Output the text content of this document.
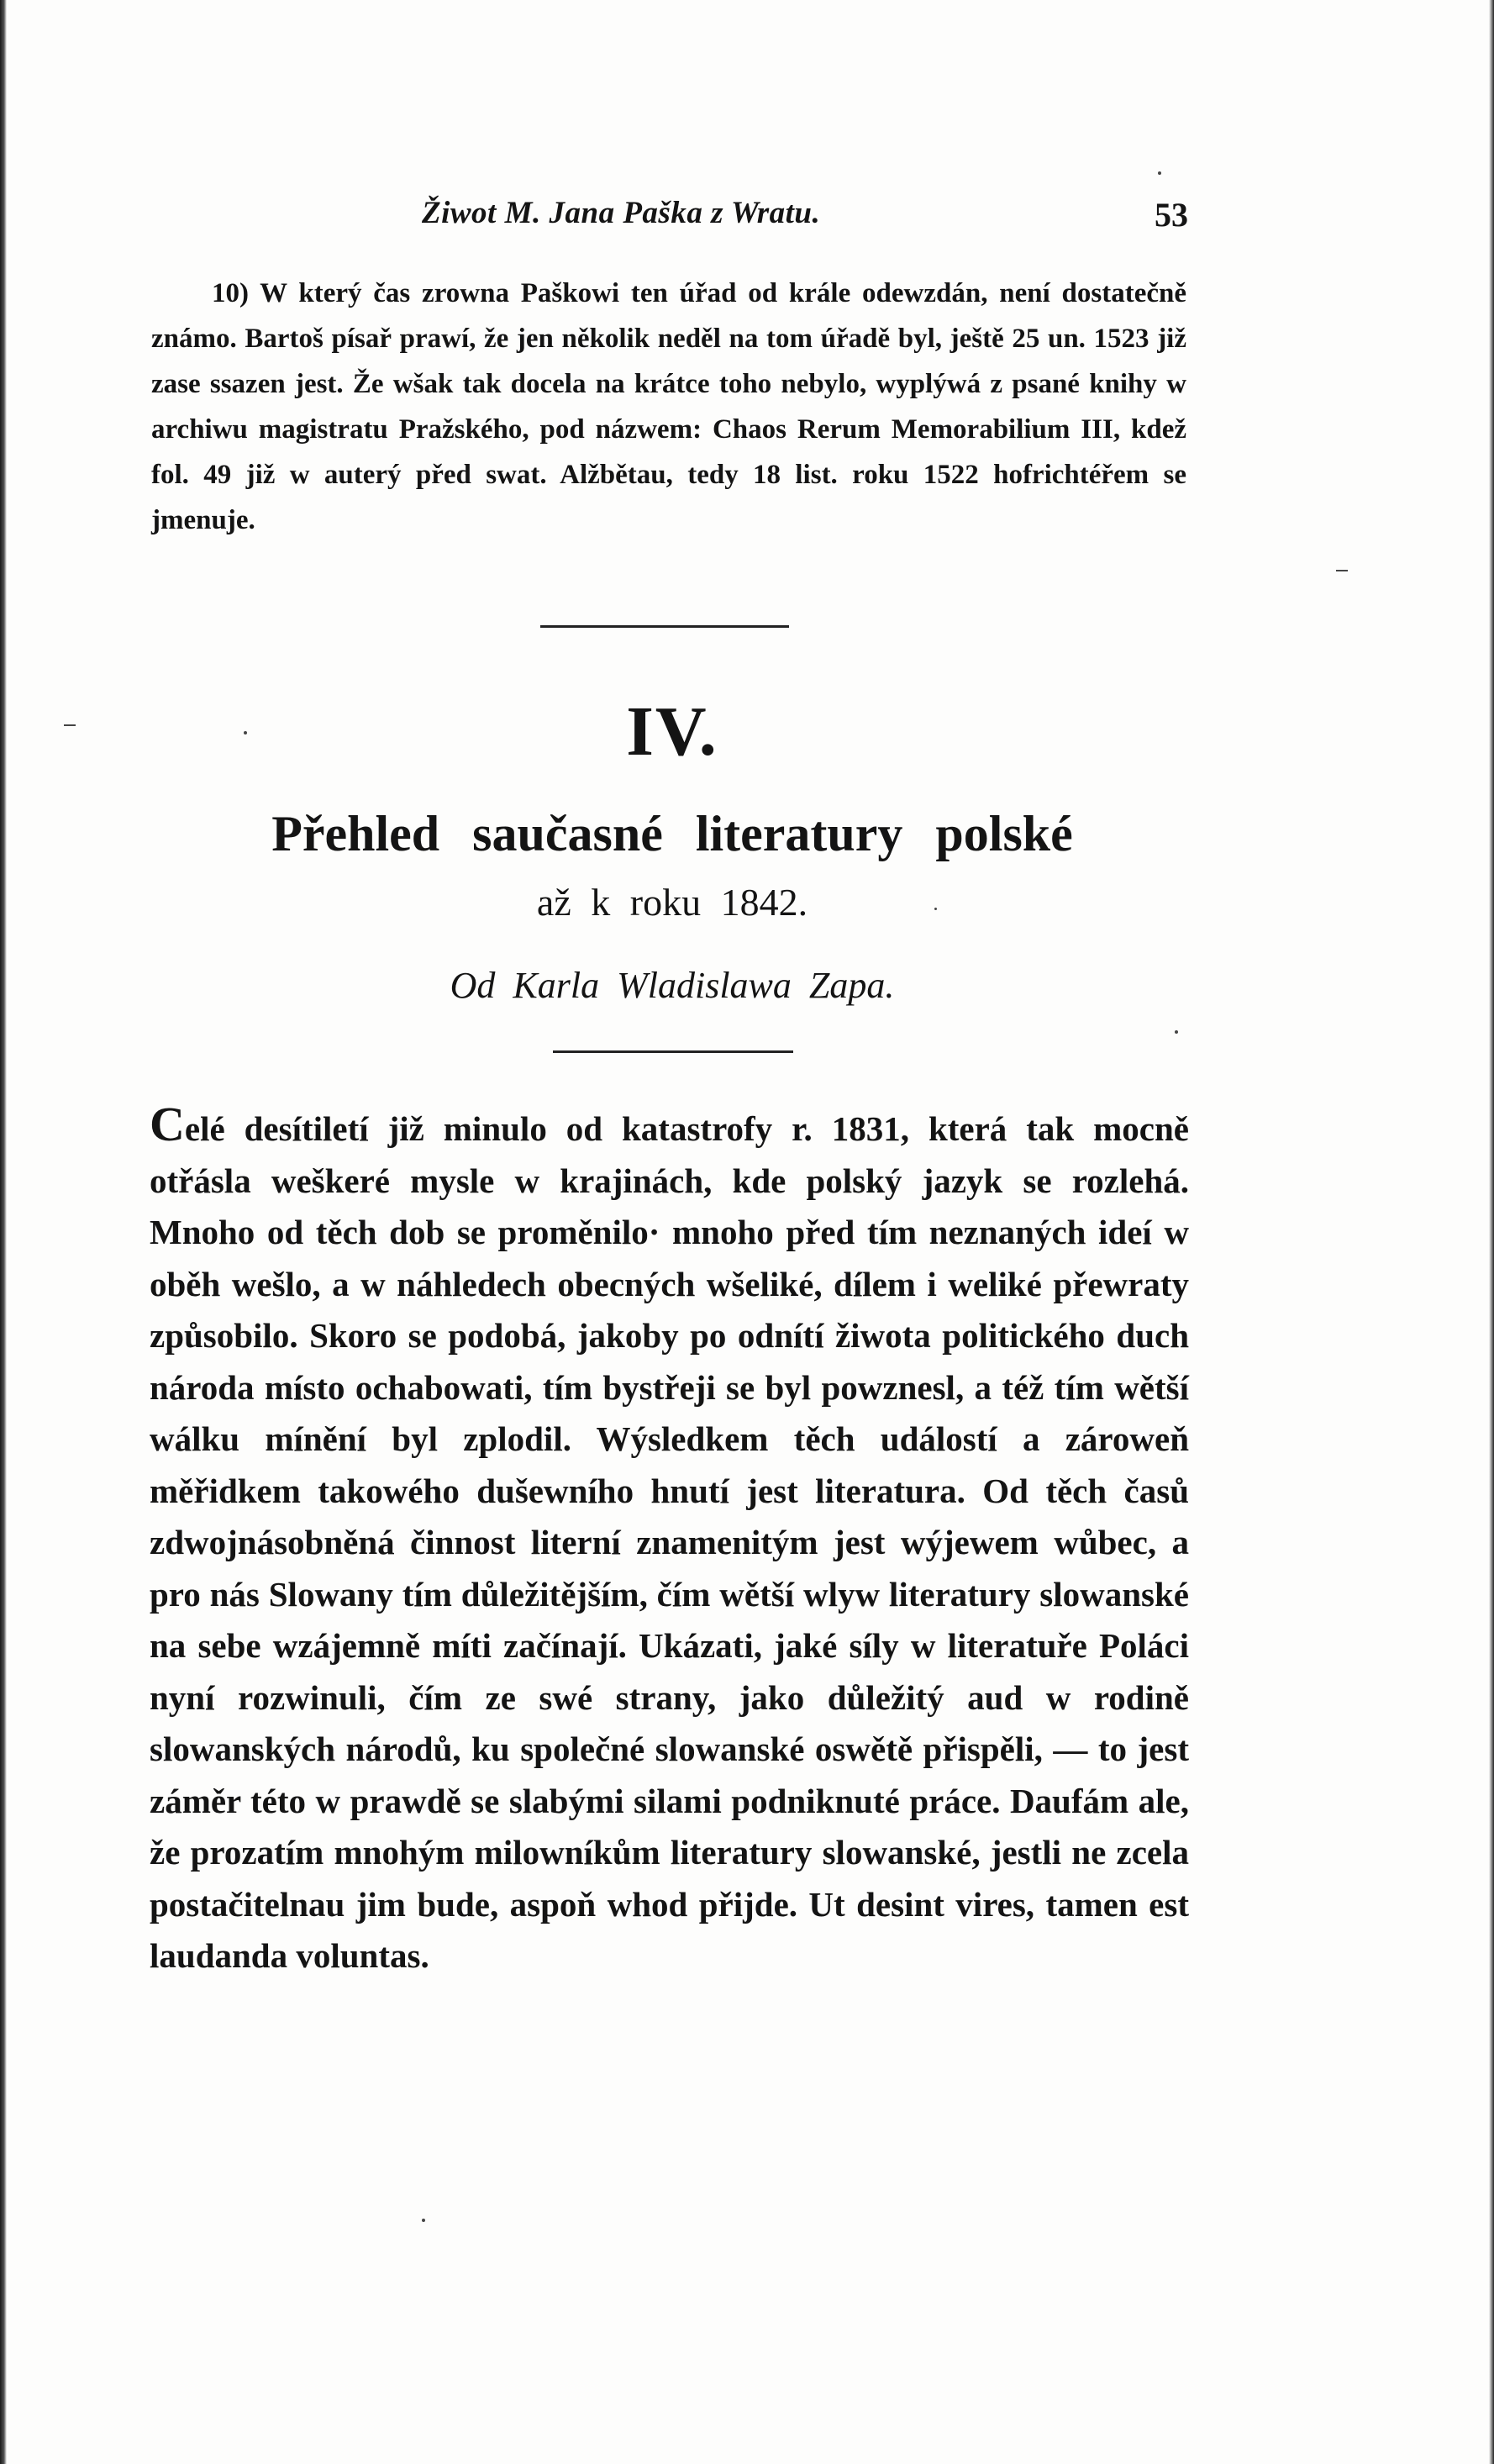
Žiwot M. Jana Paška z Wratu.	53

10) W který čas zrowna Paškowi ten úřad od krále odewzdán, není dostatečně známo. Bartoš písař prawí, že jen několik neděl na tom úřadě byl, ještě 25 un. 1523 již zase ssazen jest. Že wšak tak docela na krátce toho nebylo, wyplýwá z psané knihy w archiwu magistratu Pražského, pod názwem: Chaos Rerum Memorabilium III, kdež fol. 49 již w auterý před swat. Alžbětau, tedy 18 list. roku 1522 hofrichtéřem se jmenuje.

IV.
Přehled saučasné literatury polské
až k roku 1842.
Od Karla Wladislawa Zapa.

Celé desítiletí již minulo od katastrofy r. 1831, která tak mocně otřásla weškeré mysle w krajinách, kde polský jazyk se rozlehá. Mnoho od těch dob se proměnilo· mnoho před tím neznaných ideí w oběh wešlo, a w náhledech obecných wšeliké, dílem i weliké přewraty způsobilo. Skoro se podobá, jakoby po odnítí žiwota politického duch národa místo ochabowati, tím bystřeji se byl powznesl, a též tím wětší wálku mínění byl zplodil. Wýsledkem těch událostí a zároweň měřidkem takowého dušewního hnutí jest literatura. Od těch časů zdwojnásobněná činnost literní znamenitým jest wýjewem wůbec, a pro nás Slowany tím důležitějším, čím wětší wlyw literatury slowanské na sebe wzájemně míti začínají. Ukázati, jaké síly w literatuře Poláci nyní rozwinuli, čím ze swé strany, jako důležitý aud w rodině slowanských národů, ku společné slowanské oswětě přispěli, — to jest záměr této w prawdě se slabými silami podniknuté práce. Daufám ale, že prozatím mnohým milowníkům literatury slowanské, jestli ne zcela postačitelnau jim bude, aspoň whod přijde. Ut desint vires, tamen est laudanda voluntas.
